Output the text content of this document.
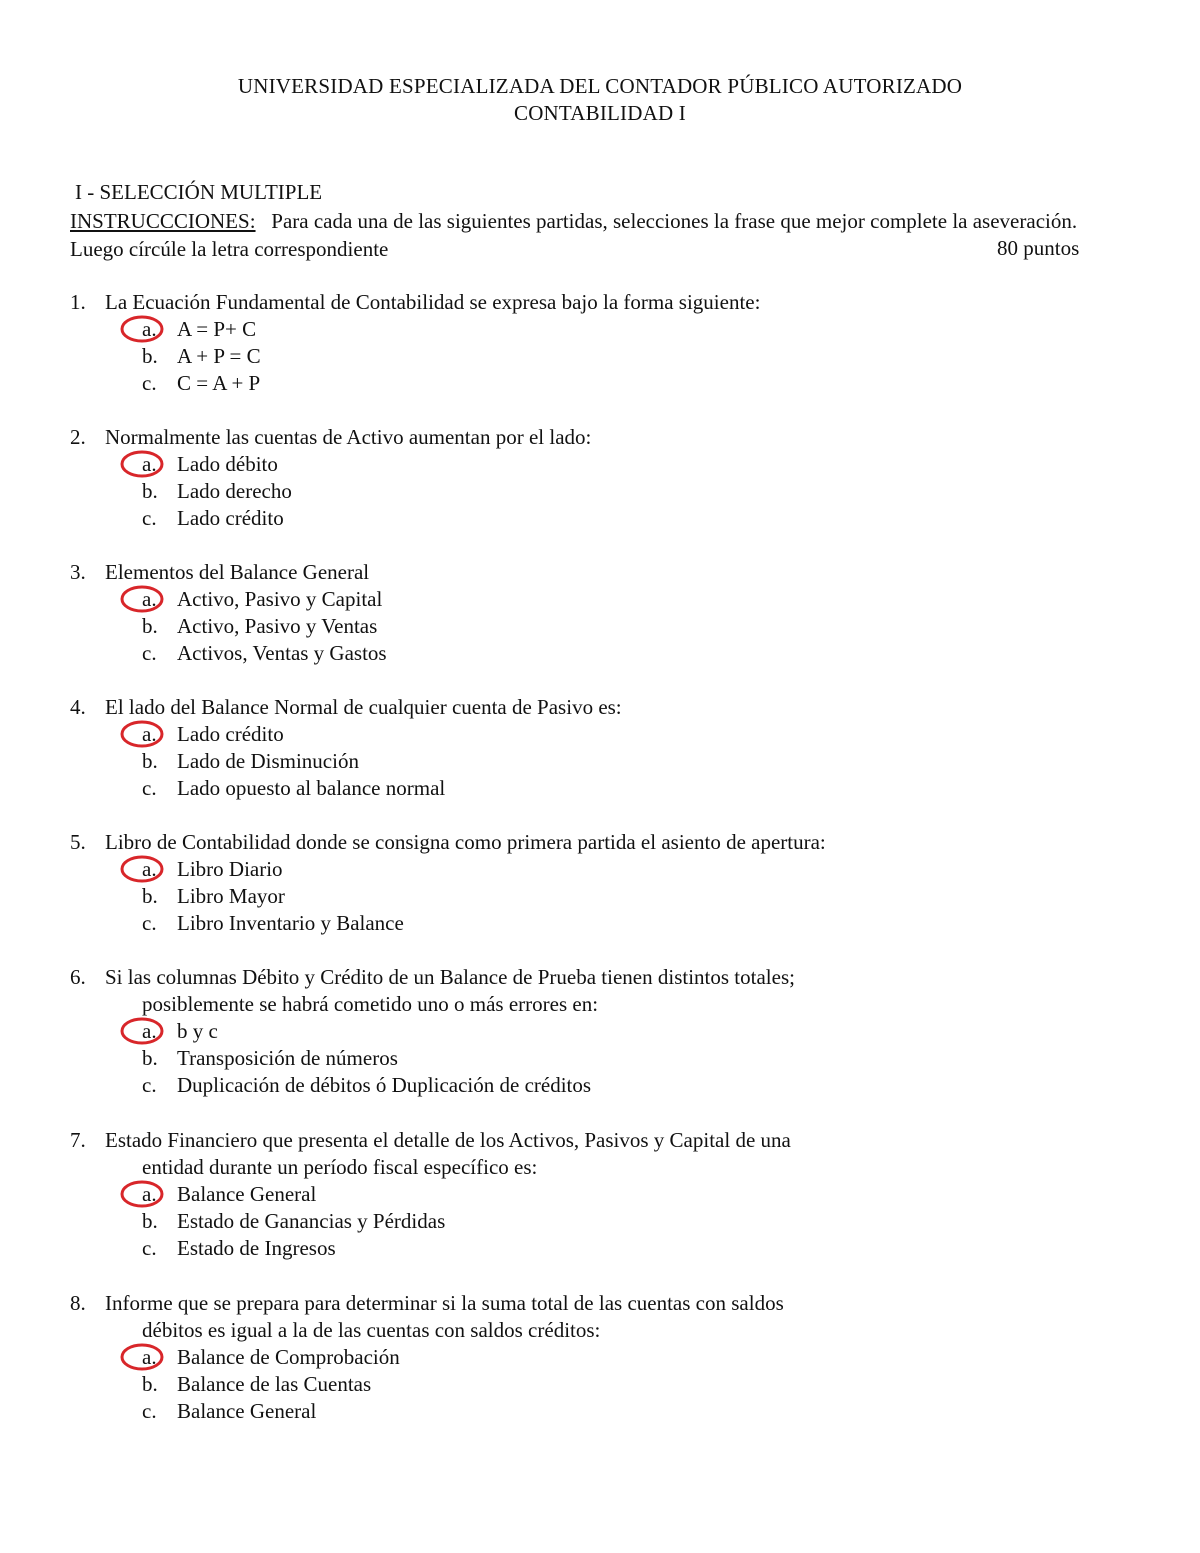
UNIVERSIDAD ESPECIALIZADA DEL CONTADOR PÚBLICO AUTORIZADO
CONTABILIDAD I
I - SELECCIÓN MULTIPLE
INSTRUCCCIONES: Para cada una de las siguientes partidas, selecciones la frase que mejor complete la aseveración. Luego círcúle la letra correspondiente	80 puntos
1. La Ecuación Fundamental de Contabilidad se expresa bajo la forma siguiente:
a. A = P+ C
b. A + P = C
c. C = A + P
2. Normalmente las cuentas de Activo aumentan por el lado:
a. Lado débito
b. Lado derecho
c. Lado crédito
3. Elementos del Balance General
a. Activo, Pasivo y Capital
b. Activo, Pasivo y Ventas
c. Activos, Ventas y Gastos
4. El lado del Balance Normal de cualquier cuenta de Pasivo es:
a. Lado crédito
b. Lado de Disminución
c. Lado opuesto al balance normal
5. Libro de Contabilidad donde se consigna como primera partida el asiento de apertura:
a. Libro Diario
b. Libro Mayor
c. Libro Inventario y Balance
6. Si las columnas Débito y Crédito de un Balance de Prueba tienen distintos totales;
posiblemente se habrá cometido uno o más errores en:
a. b y c
b. Transposición de números
c. Duplicación de débitos ó Duplicación de créditos
7. Estado Financiero que presenta el detalle de los Activos, Pasivos y Capital de una
entidad durante un período fiscal específico es:
a. Balance General
b. Estado de Ganancias y Pérdidas
c. Estado de Ingresos
8. Informe que se prepara para determinar si la suma total de las cuentas con saldos
débitos es igual a la de las cuentas con saldos créditos:
a. Balance de Comprobación
b. Balance de las Cuentas
c. Balance General
